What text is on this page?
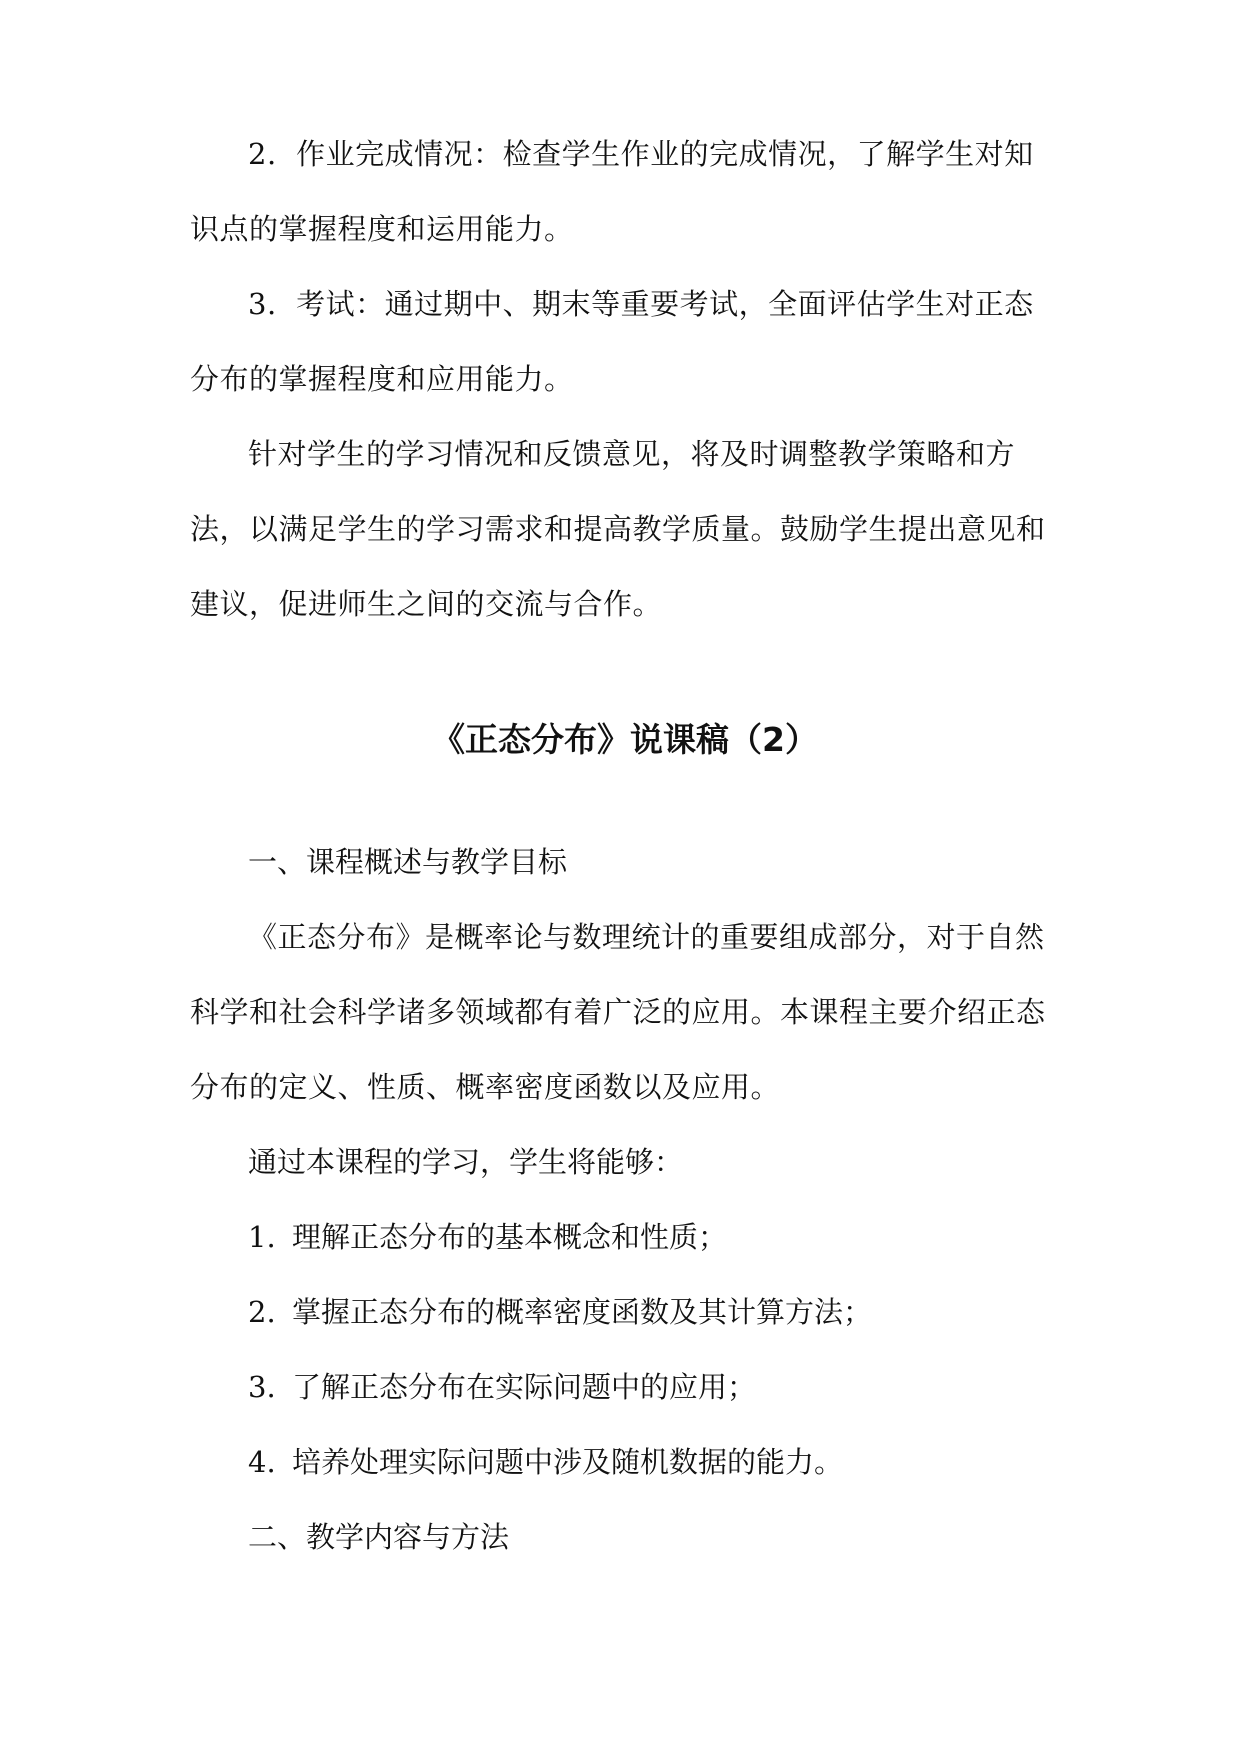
2. 作业完成情况：检查学生作业的完成情况，了解学生对知识点的掌握程度和运用能力。

3. 考试：通过期中、期末等重要考试，全面评估学生对正态分布的掌握程度和应用能力。

针对学生的学习情况和反馈意见，将及时调整教学策略和方法，以满足学生的学习需求和提高教学质量。鼓励学生提出意见和建议，促进师生之间的交流与合作。

《正态分布》说课稿（2）

一、课程概述与教学目标

《正态分布》是概率论与数理统计的重要组成部分，对于自然科学和社会科学诸多领域都有着广泛的应用。本课程主要介绍正态分布的定义、性质、概率密度函数以及应用。

通过本课程的学习，学生将能够：

1. 理解正态分布的基本概念和性质；

2. 掌握正态分布的概率密度函数及其计算方法；

3. 了解正态分布在实际问题中的应用；

4. 培养处理实际问题中涉及随机数据的能力。

二、教学内容与方法
